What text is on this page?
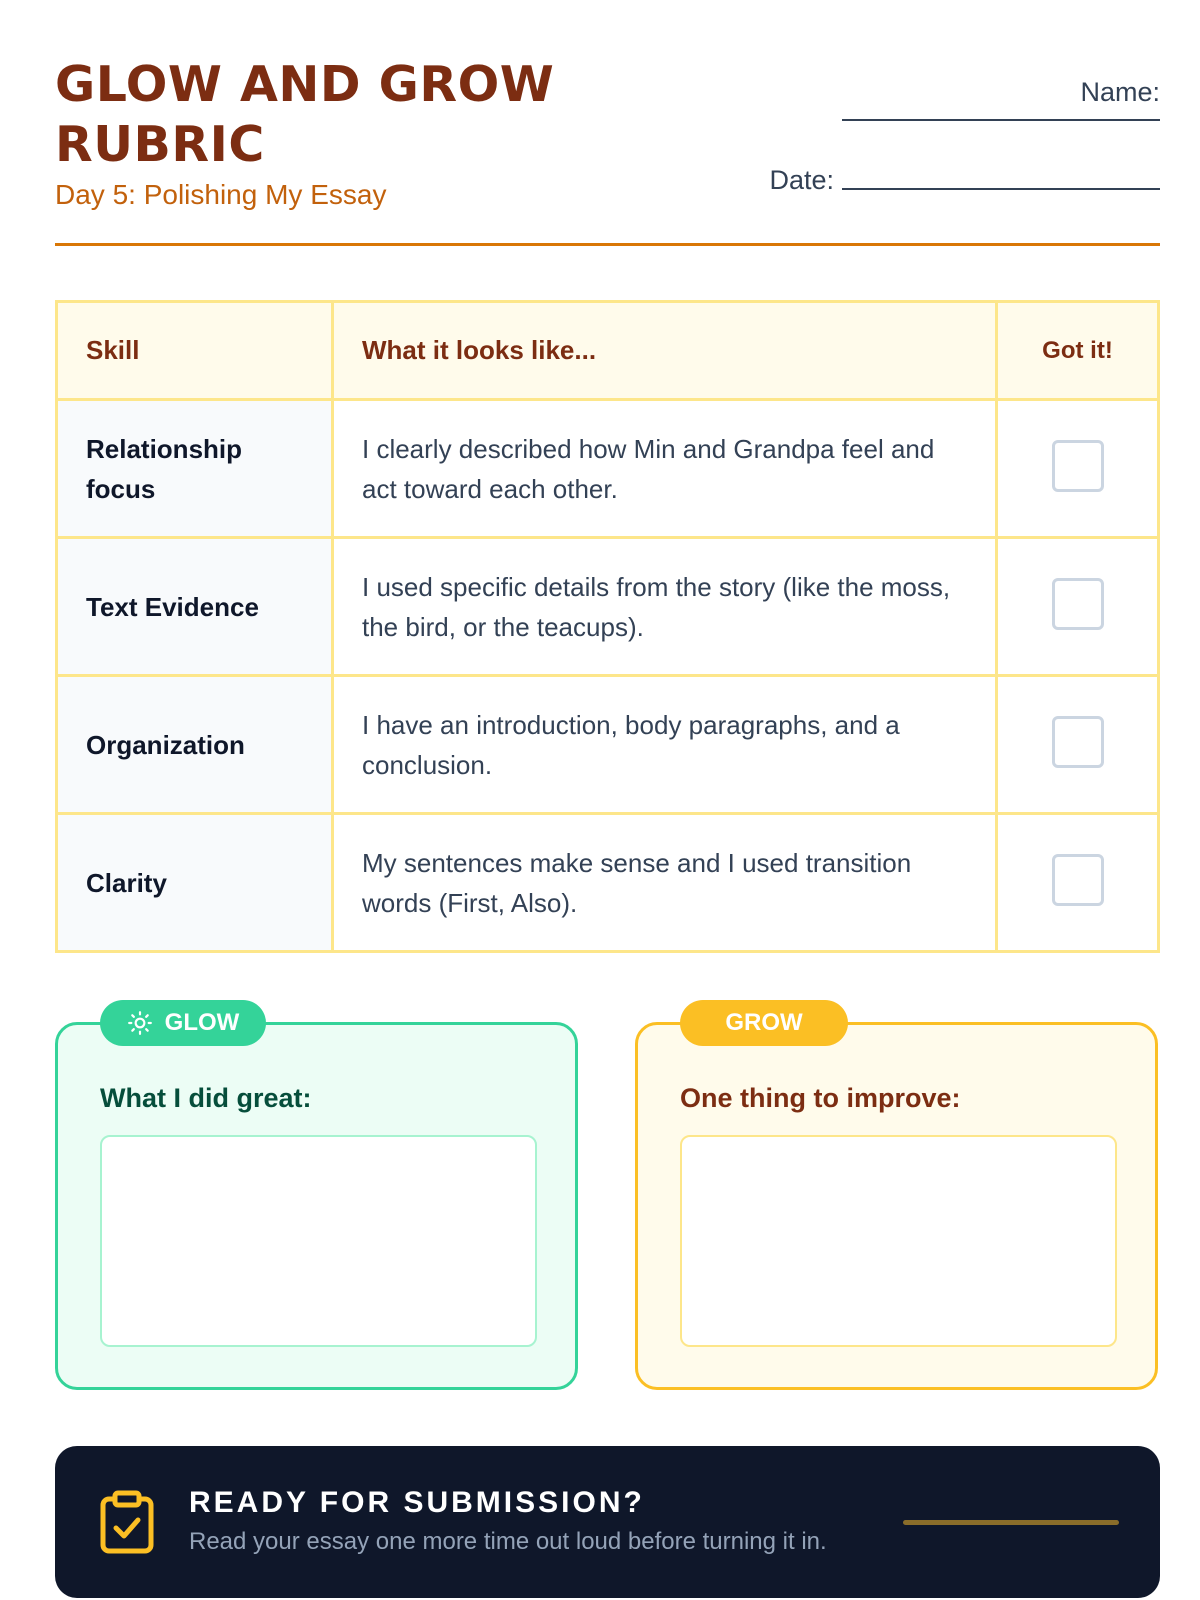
GLOW AND GROW RUBRIC
Day 5: Polishing My Essay
Name:
Date:
Skill	What it looks like...	Got it!
Relationship focus	I clearly described how Min and Grandpa feel and act toward each other.	
Text Evidence	I used specific details from the story (like the moss, the bird, or the teacups).	
Organization	I have an introduction, body paragraphs, and a conclusion.	
Clarity	My sentences make sense and I used transition words (First, Also).	
GLOW
What I did great:
GROW
One thing to improve:
READY FOR SUBMISSION?
Read your essay one more time out loud before turning it in.
